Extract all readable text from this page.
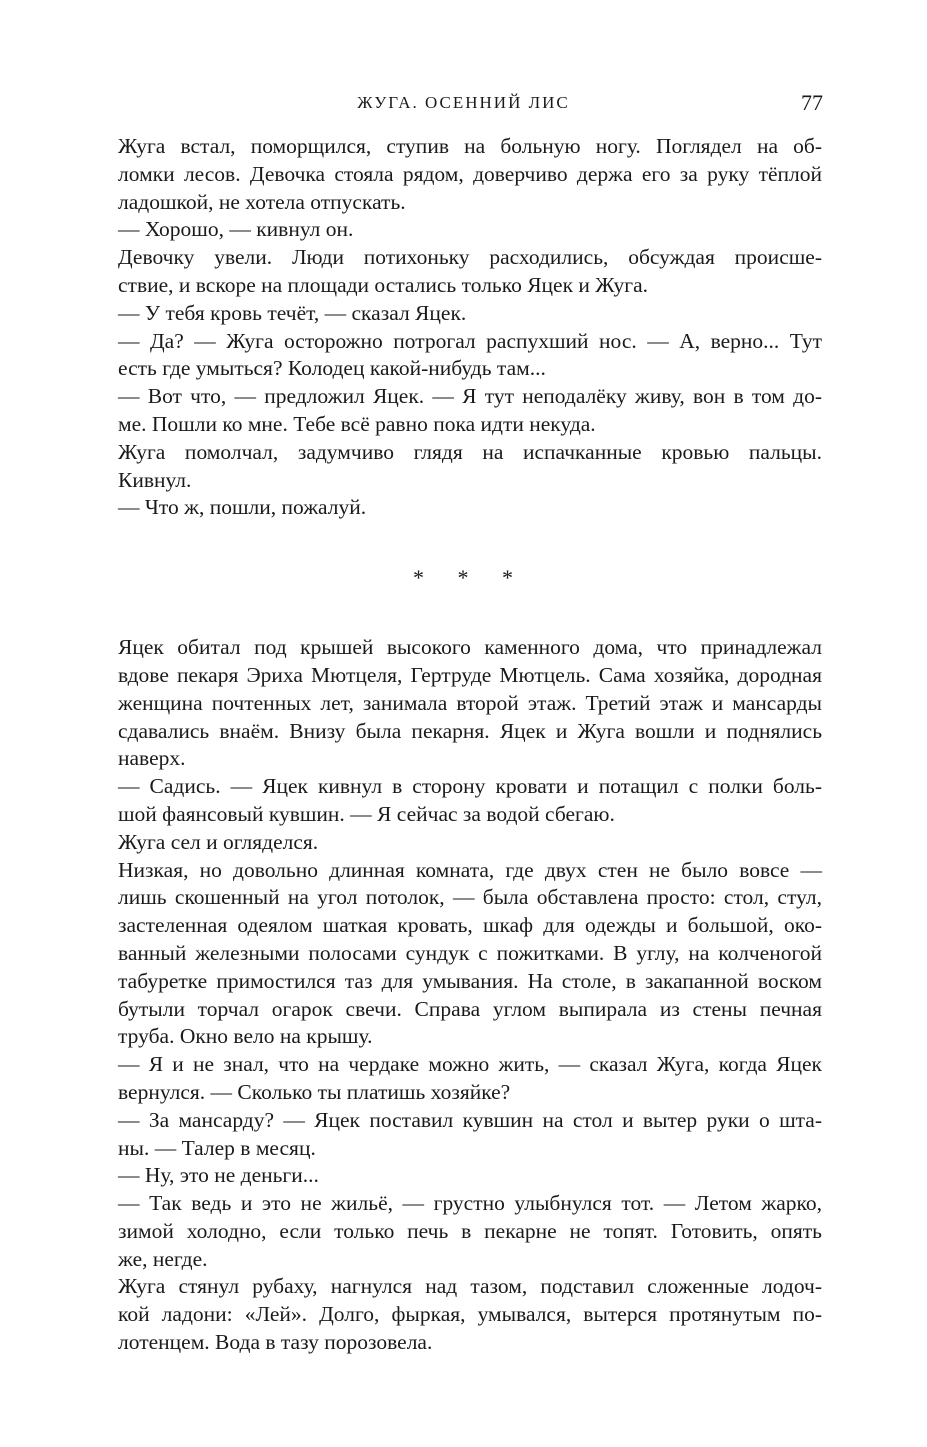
ЖУГА. ОСЕННИЙ ЛИС	77

Жуга встал, поморщился, ступив на больную ногу. Поглядел на об-

ломки лесов. Девочка стояла рядом, доверчиво держа его за руку тёплой

ладошкой, не хотела отпускать.

— Хорошо, — кивнул он.

Девочку увели. Люди потихоньку расходились, обсуждая происше-

ствие, и вскоре на площади остались только Яцек и Жуга.

— У тебя кровь течёт, — сказал Яцек.

— Да? — Жуга осторожно потрогал распухший нос. — А, верно... Тут

есть где умыться? Колодец какой-нибудь там...

— Вот что, — предложил Яцек. — Я тут неподалёку живу, вон в том до-

ме. Пошли ко мне. Тебе всё равно пока идти некуда.

Жуга помолчал, задумчиво глядя на испачканные кровью пальцы.

Кивнул.

— Что ж, пошли, пожалуй.

* * *

Яцек обитал под крышей высокого каменного дома, что принадлежал

вдове пекаря Эриха Мютцеля, Гертруде Мютцель. Сама хозяйка, дородная

женщина почтенных лет, занимала второй этаж. Третий этаж и мансарды

сдавались внаём. Внизу была пекарня. Яцек и Жуга вошли и поднялись

наверх.

— Садись. — Яцек кивнул в сторону кровати и потащил с полки боль-

шой фаянсовый кувшин. — Я сейчас за водой сбегаю.

Жуга сел и огляделся.

Низкая, но довольно длинная комната, где двух стен не было вовсе —

лишь скошенный на угол потолок, — была обставлена просто: стол, стул,

застеленная одеялом шаткая кровать, шкаф для одежды и большой, око-

ванный железными полосами сундук с пожитками. В углу, на колченогой

табуретке примостился таз для умывания. На столе, в закапанной воском

бутыли торчал огарок свечи. Справа углом выпирала из стены печная

труба. Окно вело на крышу.

— Я и не знал, что на чердаке можно жить, — сказал Жуга, когда Яцек

вернулся. — Сколько ты платишь хозяйке?

— За мансарду? — Яцек поставил кувшин на стол и вытер руки о шта-

ны. — Талер в месяц.

— Ну, это не деньги...

— Так ведь и это не жильё, — грустно улыбнулся тот. — Летом жарко,

зимой холодно, если только печь в пекарне не топят. Готовить, опять

же, негде.

Жуга стянул рубаху, нагнулся над тазом, подставил сложенные лодоч-

кой ладони: «Лей». Долго, фыркая, умывался, вытерся протянутым по-

лотенцем. Вода в тазу порозовела.
